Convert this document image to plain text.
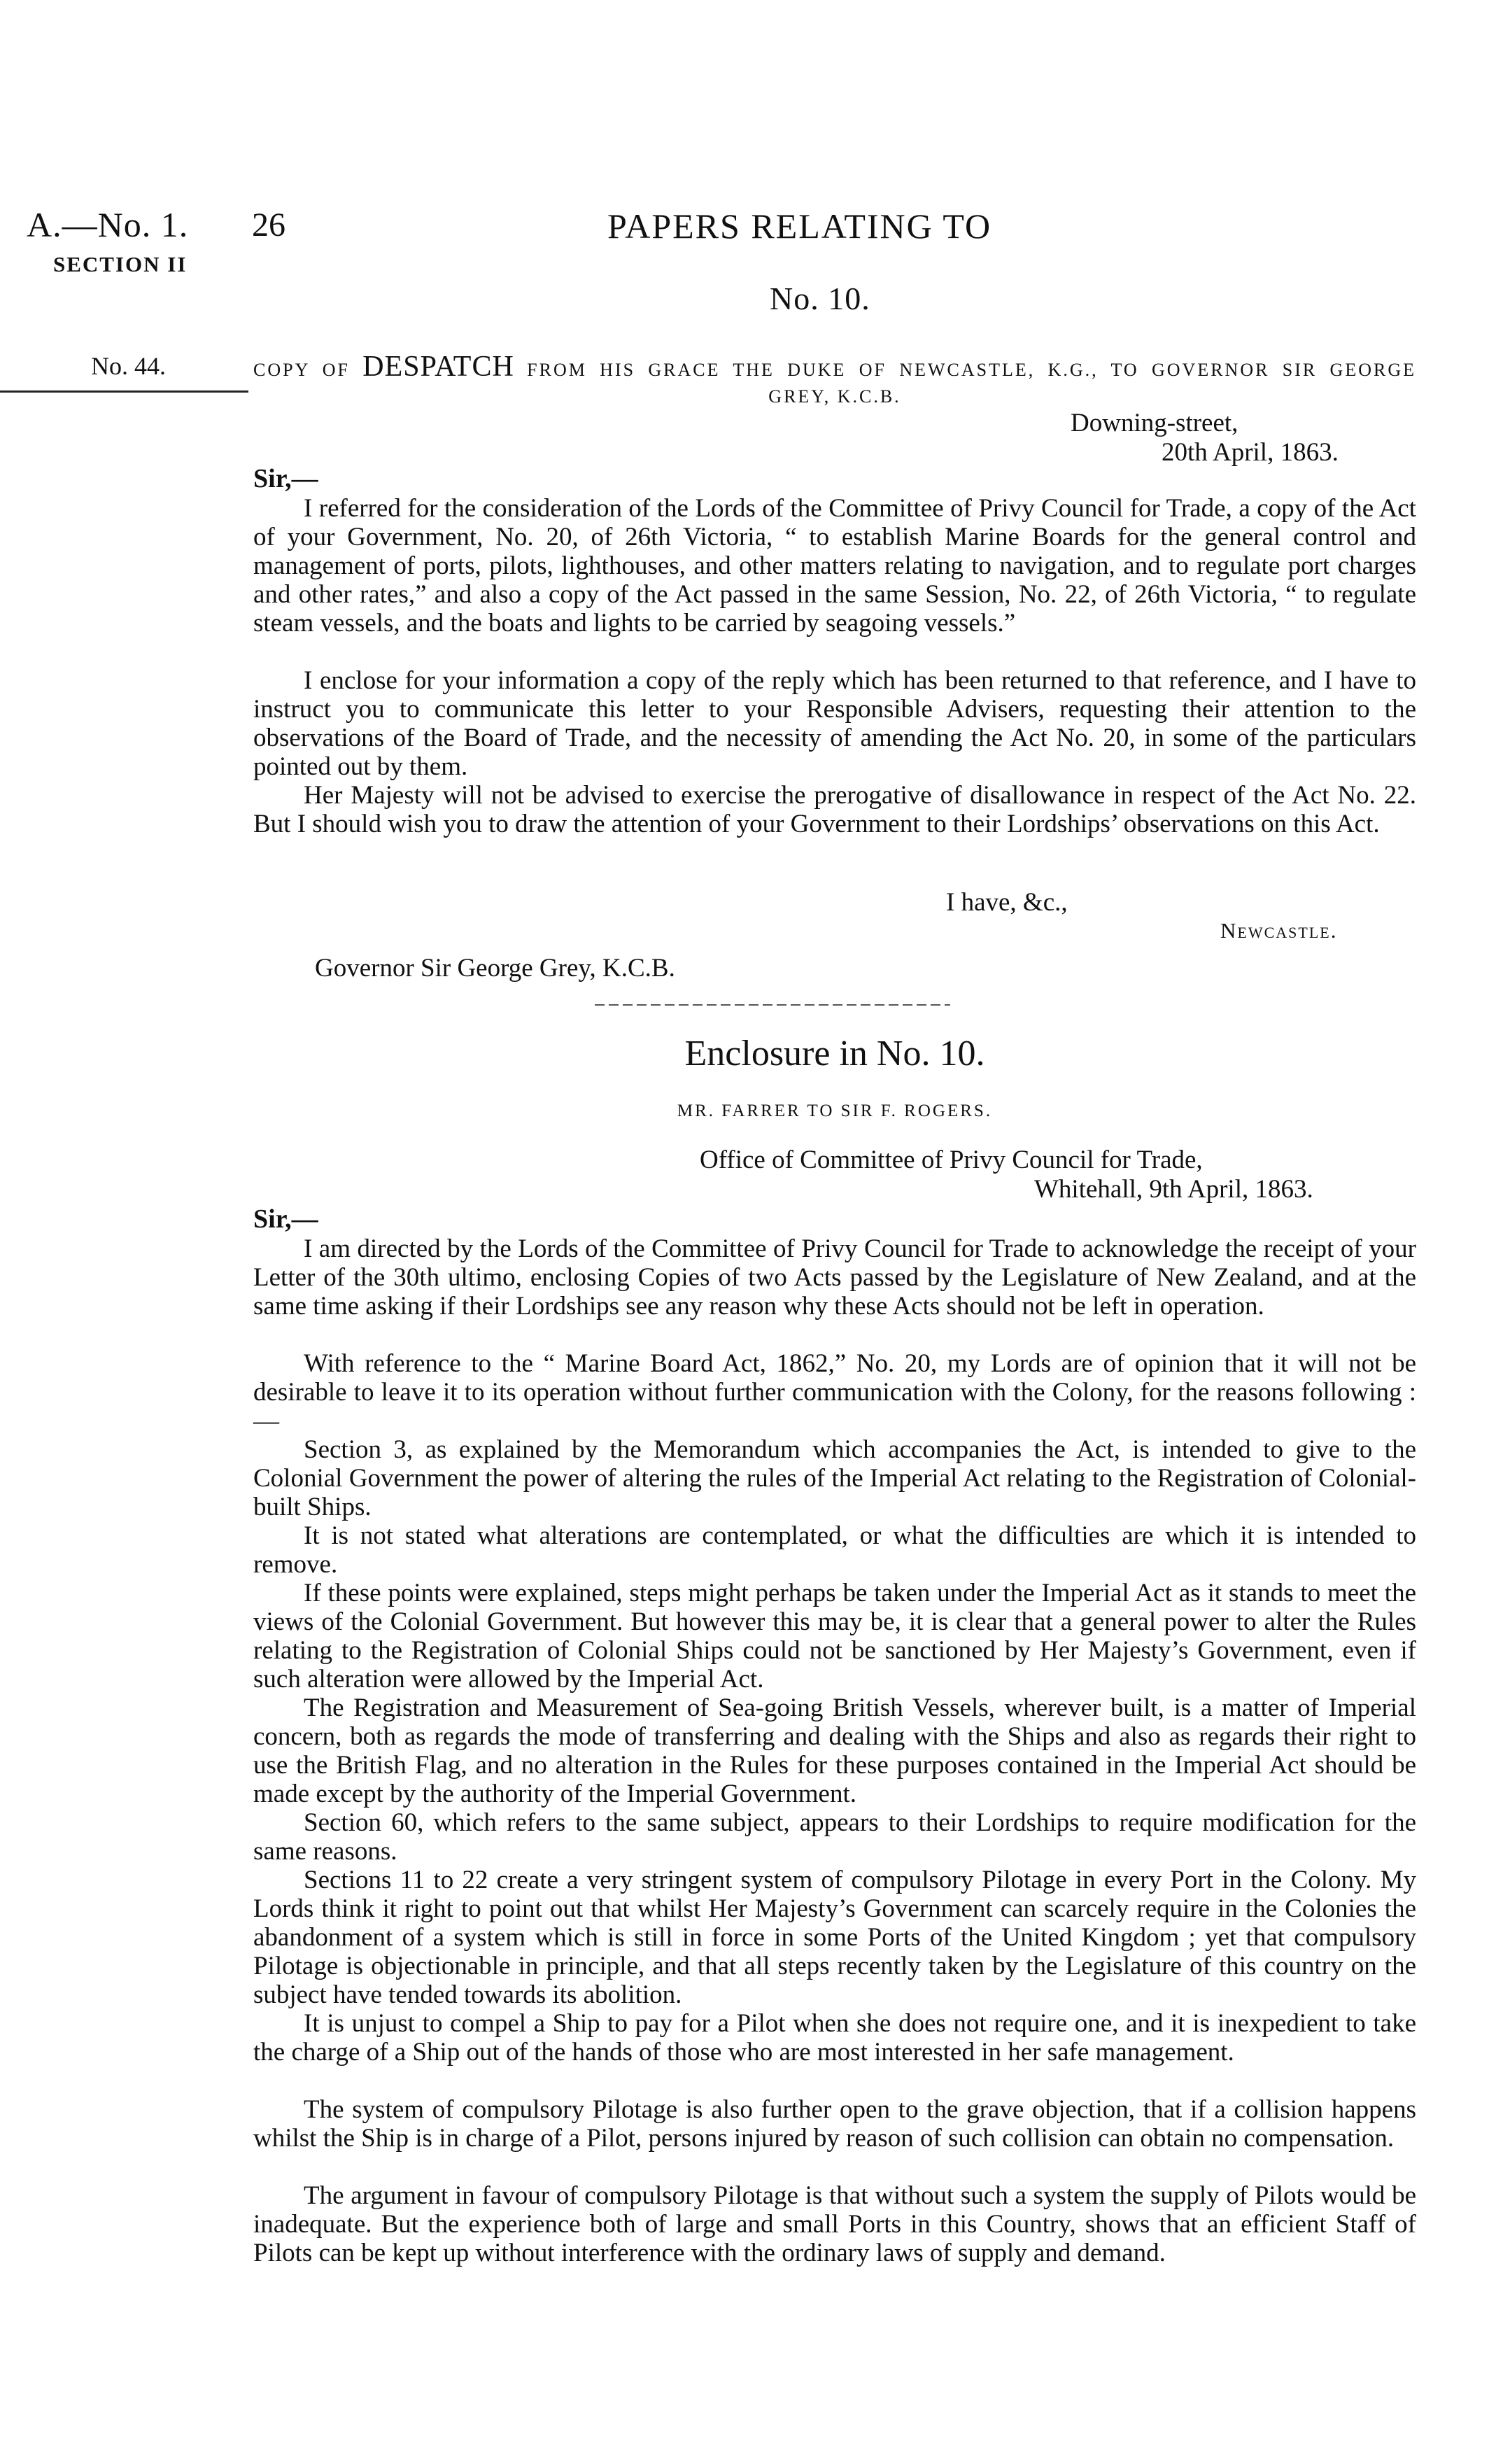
A.—No. 1.
SECTION II
No. 44.
26	PAPERS RELATING TO
No. 10.
COPY OF DESPATCH FROM HIS GRACE THE DUKE OF NEWCASTLE, K.G., TO GOVERNOR SIR GEORGE
GREY, K.C.B.
Downing-street,
20th April, 1863.
Sir,—

I referred for the consideration of the Lords of the Committee of Privy Council for Trade, a copy of the Act of your Government, No. 20, of 26th Victoria, “ to establish Marine Boards for the general control and management of ports, pilots, lighthouses, and other matters relating to navigation, and to regulate port charges and other rates,” and also a copy of the Act passed in the same Session, No. 22, of 26th Victoria, “ to regulate steam vessels, and the boats and lights to be carried by seagoing vessels.”

I enclose for your information a copy of the reply which has been returned to that reference, and I have to instruct you to communicate this letter to your Responsible Advisers, requesting their attention to the observations of the Board of Trade, and the necessity of amending the Act No. 20, in some of the particulars pointed out by them.

Her Majesty will not be advised to exercise the prerogative of disallowance in respect of the Act No. 22. But I should wish you to draw the attention of your Government to their Lordships’ observations on this Act.

I have, &c.,
Newcastle.
Governor Sir George Grey, K.C.B.
Enclosure in No. 10.
MR. FARRER TO SIR F. ROGERS.
Office of Committee of Privy Council for Trade,
Whitehall, 9th April, 1863.
Sir,—

I am directed by the Lords of the Committee of Privy Council for Trade to acknowledge the receipt of your Letter of the 30th ultimo, enclosing Copies of two Acts passed by the Legislature of New Zealand, and at the same time asking if their Lordships see any reason why these Acts should not be left in operation.

With reference to the “ Marine Board Act, 1862,” No. 20, my Lords are of opinion that it will not be desirable to leave it to its operation without further communication with the Colony, for the reasons following :—

Section 3, as explained by the Memorandum which accompanies the Act, is intended to give to the Colonial Government the power of altering the rules of the Imperial Act relating to the Registration of Colonial-built Ships.

It is not stated what alterations are contemplated, or what the difficulties are which it is intended to remove.

If these points were explained, steps might perhaps be taken under the Imperial Act as it stands to meet the views of the Colonial Government. But however this may be, it is clear that a general power to alter the Rules relating to the Registration of Colonial Ships could not be sanctioned by Her Majesty’s Government, even if such alteration were allowed by the Imperial Act.

The Registration and Measurement of Sea-going British Vessels, wherever built, is a matter of Imperial concern, both as regards the mode of transferring and dealing with the Ships and also as regards their right to use the British Flag, and no alteration in the Rules for these purposes contained in the Imperial Act should be made except by the authority of the Imperial Government.

Section 60, which refers to the same subject, appears to their Lordships to require modification for the same reasons.

Sections 11 to 22 create a very stringent system of compulsory Pilotage in every Port in the Colony. My Lords think it right to point out that whilst Her Majesty’s Government can scarcely require in the Colonies the abandonment of a system which is still in force in some Ports of the United Kingdom ; yet that compulsory Pilotage is objectionable in principle, and that all steps recently taken by the Legislature of this country on the subject have tended towards its abolition.

It is unjust to compel a Ship to pay for a Pilot when she does not require one, and it is inexpedient to take the charge of a Ship out of the hands of those who are most interested in her safe management.

The system of compulsory Pilotage is also further open to the grave objection, that if a collision happens whilst the Ship is in charge of a Pilot, persons injured by reason of such collision can obtain no compensation.

The argument in favour of compulsory Pilotage is that without such a system the supply of Pilots would be inadequate. But the experience both of large and small Ports in this Country, shows that an efficient Staff of Pilots can be kept up without interference with the ordinary laws of supply and demand.
